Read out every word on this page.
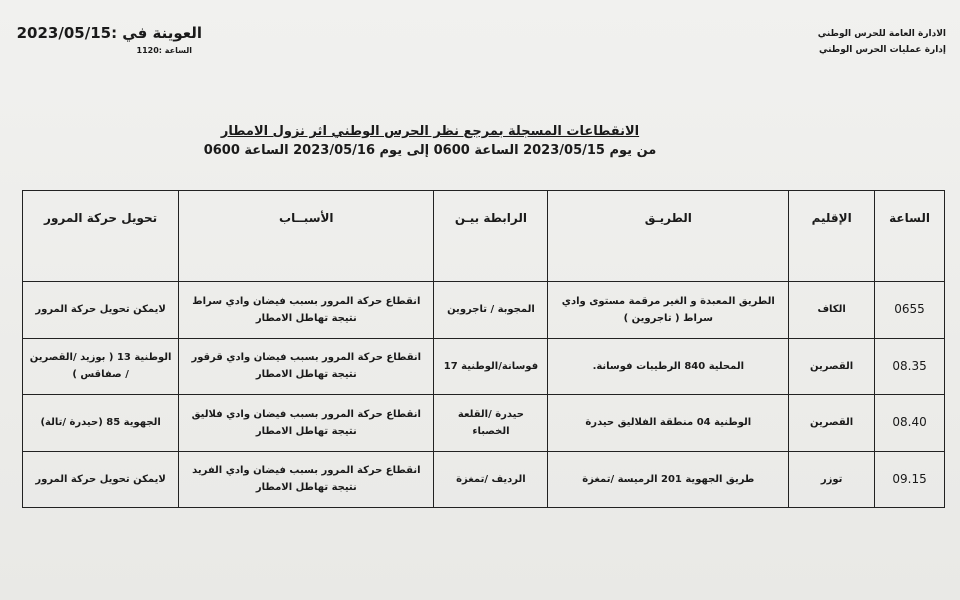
الادارة العامة للحرس الوطني
إدارة عمليات الحرس الوطني
العوينة في :2023/05/15
الساعة :1120
الانقطاعات المسجلة بمرجع نظر الحرس الوطني اثر نزول الامطار
من يوم 2023/05/15 الساعة 0600 إلى يوم 2023/05/16 الساعة 0600
الساعة	الإقليم	الطريـق	الرابطة بيـن	الأسبــاب	تحويل حركة المرور
0655	الكاف	الطريق المعبدة و الغير مرقمة مستوى وادي سراط ( تاجروين )	المجوبة / تاجروين	انقطاع حركة المرور بسبب فيضان وادي سراط نتيجة تهاطل الامطار	لايمكن تحويل حركة المرور
08.35	القصرين	المحلية 840 الرطيبات فوسانة.	فوسانة/الوطنية 17	انقطاع حركة المرور بسبب فيضان وادي قرقور نتيجة تهاطل الامطار	الوطنية 13 ( بوزيد /القصرين / صفاقس )
08.40	القصرين	الوطنية 04 منطقة الفلاليق حيدرة	حيدرة /القلعة الخصباء	انقطاع حركة المرور بسبب فيضان وادي فلاليق نتيجة تهاطل الامطار	الجهوية 85 (حيدرة /تالة)
09.15	توزر	طريق الجهوية 201 الرميسة /تمغزة	الرديف /تمغزة	انقطاع حركة المرور بسبب فيضان وادي الفريد نتيجة تهاطل الامطار	لايمكن تحويل حركة المرور
